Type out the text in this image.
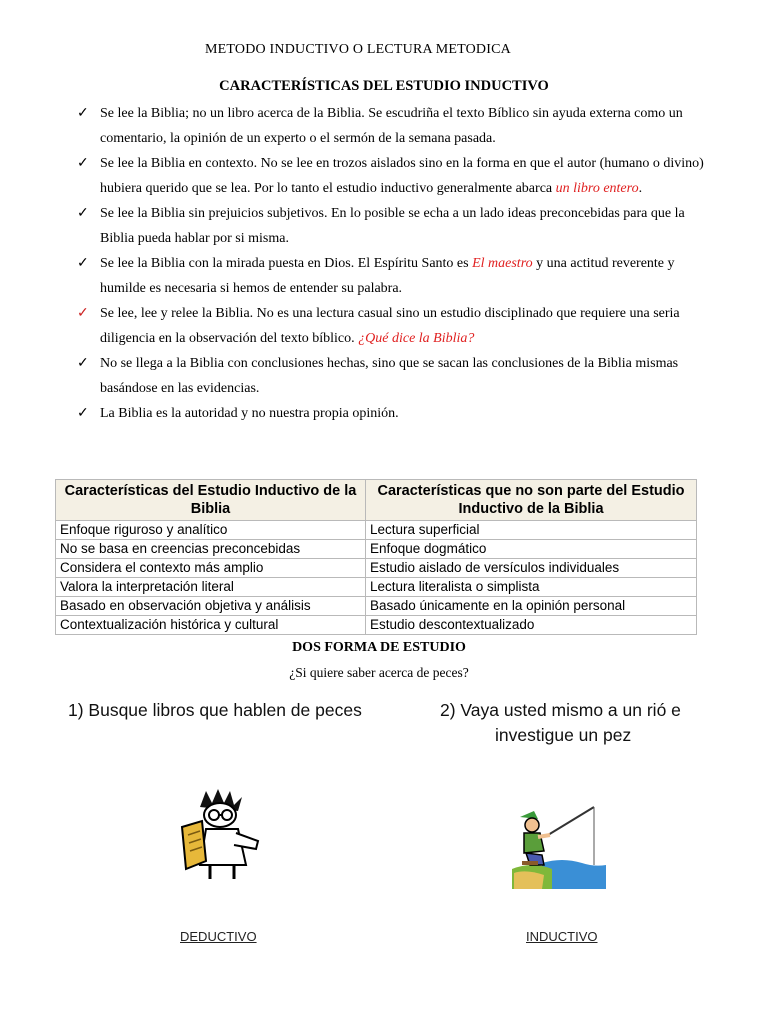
METODO INDUCTIVO O LECTURA METODICA
CARACTERÍSTICAS DEL ESTUDIO INDUCTIVO
✓ Se lee la Biblia; no un libro acerca de la Biblia. Se escudriña el texto Bíblico sin ayuda externa como un comentario, la opinión de un experto o el sermón de la semana pasada.
✓ Se lee la Biblia en contexto. No se lee en trozos aislados sino en la forma en que el autor (humano o divino) hubiera querido que se lea. Por lo tanto el estudio inductivo generalmente abarca un libro entero.
✓ Se lee la Biblia sin prejuicios subjetivos. En lo posible se echa a un lado ideas preconcebidas para que la Biblia pueda hablar por si misma.
✓ Se lee la Biblia con la mirada puesta en Dios. El Espíritu Santo es El maestro y una actitud reverente y humilde es necesaria si hemos de entender su palabra.
✓ Se lee, lee y relee la Biblia. No es una lectura casual sino un estudio disciplinado que requiere una seria diligencia en la observación del texto bíblico. ¿Qué dice la Biblia?
✓ No se llega a la Biblia con conclusiones hechas, sino que se sacan las conclusiones de la Biblia mismas basándose en las evidencias.
✓ La Biblia es la autoridad y no nuestra propia opinión.
Características del Estudio Inductivo de la Biblia	Características que no son parte del Estudio Inductivo de la Biblia
Enfoque riguroso y analítico	Lectura superficial
No se basa en creencias preconcebidas	Enfoque dogmático
Considera el contexto más amplio	Estudio aislado de versículos individuales
Valora la interpretación literal	Lectura literalista o simplista
Basado en observación objetiva y análisis	Basado únicamente en la opinión personal
Contextualización histórica y cultural	Estudio descontextualizado
DOS FORMA DE ESTUDIO
¿Si quiere saber acerca de peces?
1) Busque libros que hablen de peces	2) Vaya usted mismo a un rió e
investigue un pez
DEDUCTIVO	INDUCTIVO
